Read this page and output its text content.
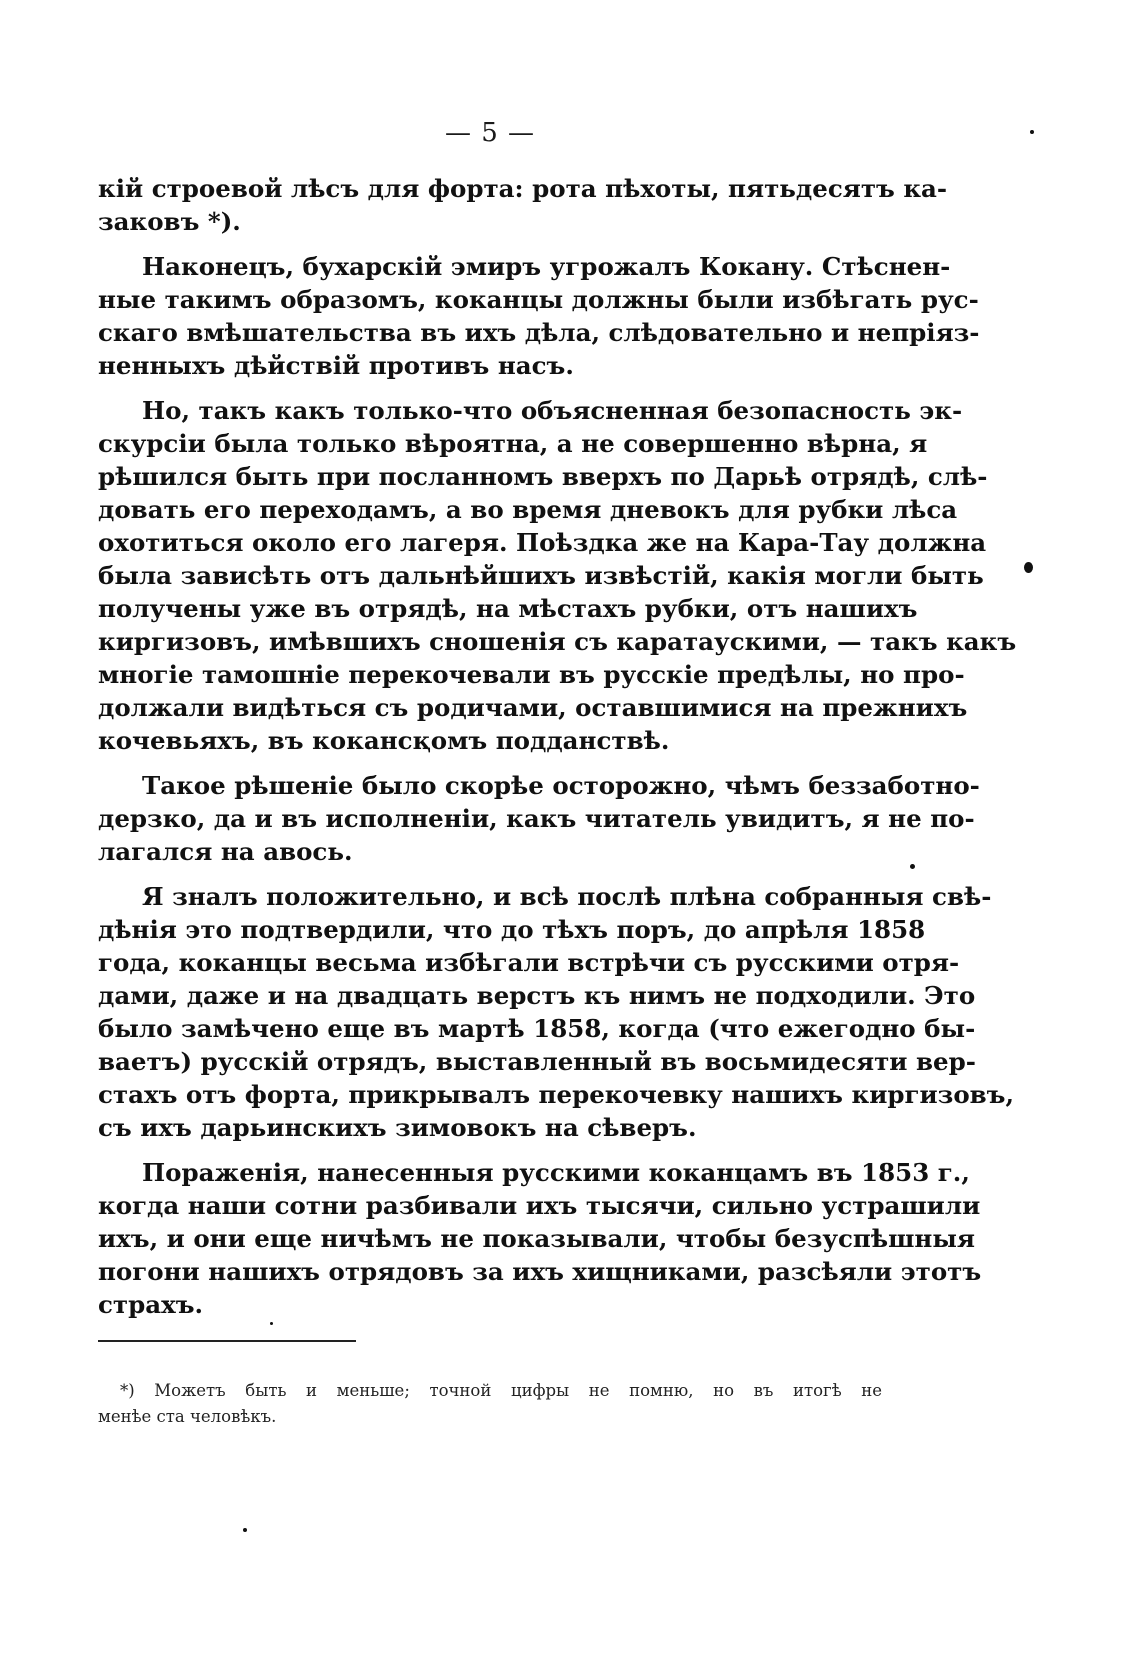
— 5 —

кій строевой лѣсъ для форта: рота пѣхоты, пятьдесятъ ка-
заковъ *).

Наконецъ, бухарскій эмиръ угрожалъ Кокану. Стѣснен-
ные такимъ образомъ, коканцы должны были избѣгать рус-
скаго вмѣшательства въ ихъ дѣла, слѣдовательно и непріяз-
ненныхъ дѣйствій противъ насъ.

Но, такъ какъ только-что объясненная безопасность эк-
скурсіи была только вѣроятна, а не совершенно вѣрна, я
рѣшился быть при посланномъ вверхъ по Дарьѣ отрядѣ, слѣ-
довать его переходамъ, а во время дневокъ для рубки лѣса
охотиться около его лагеря. Поѣздка же на Кара-Тау должна
была зависѣть отъ дальнѣйшихъ извѣстій, какія могли быть
получены уже въ отрядѣ, на мѣстахъ рубки, отъ нашихъ
киргизовъ, имѣвшихъ сношенія съ каратаускими, — такъ какъ
многіе тамошніе перекочевали въ русскіе предѣлы, но про-
должали видѣться съ родичами, оставшимися на прежнихъ
кочевьяхъ, въ кокансқомъ подданствѣ.

Такое рѣшеніе было скорѣе осторожно, чѣмъ беззаботно-
дерзко, да и въ исполненіи, какъ читатель увидитъ, я не по-
лагался на авось.

Я зналъ положительно, и всѣ послѣ плѣна собранныя свѣ-
дѣнія это подтвердили, что до тѣхъ поръ, до апрѣля 1858
года, коканцы весьма избѣгали встрѣчи съ русскими отря-
дами, даже и на двадцать верстъ къ нимъ не подходили. Это
было замѣчено еще въ мартѣ 1858, когда (что ежегодно бы-
ваетъ) русскій отрядъ, выставленный въ восьмидесяти вер-
стахъ отъ форта, прикрывалъ перекочевку нашихъ киргизовъ,
съ ихъ дарьинскихъ зимовокъ на сѣверъ.

Пораженія, нанесенныя русскими коканцамъ въ 1853 г.,
когда наши сотни разбивали ихъ тысячи, сильно устрашили
ихъ, и они еще ничѣмъ не показывали, чтобы безуспѣшныя
погони нашихъ отрядовъ за ихъ хищниками, разсѣяли этотъ
страхъ.

*) Можетъ быть и меньше; точной цифры не помню, но въ итогѣ не
менѣе ста человѣкъ.
